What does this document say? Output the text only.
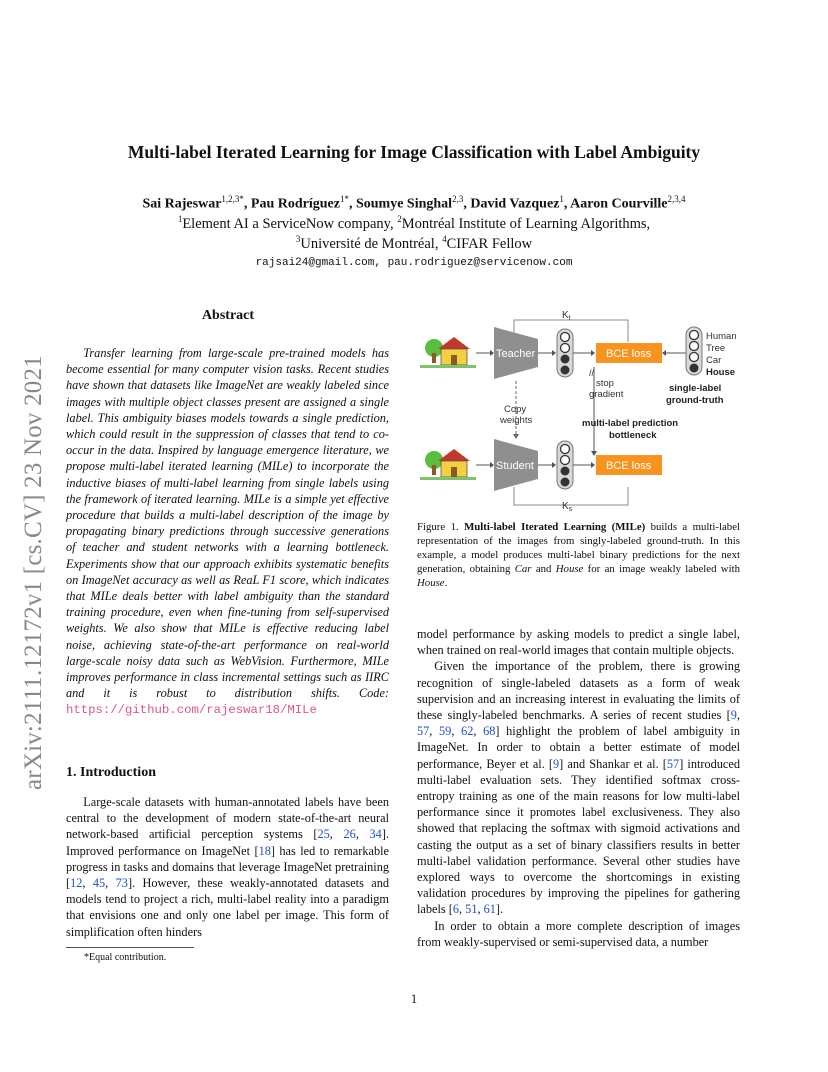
arXiv:2111.12172v1 [cs.CV] 23 Nov 2021
Multi-label Iterated Learning for Image Classification with Label Ambiguity
Sai Rajeswar$^{1,2,3*}$, Pau Rodríguez$^{1*}$, Soumye Singhal$^{2,3}$, David Vazquez$^1$, Aaron Courville$^{2,3,4}$
$^1$Element AI a ServiceNow company, $^2$Montréal Institute of Learning Algorithms,
$^3$Université de Montréal, $^4$CIFAR Fellow
rajsai24@gmail.com, pau.rodriguez@servicenow.com
Abstract

Transfer learning from large-scale pre-trained models has become essential for many computer vision tasks. Recent studies have shown that datasets like ImageNet are weakly labeled since images with multiple object classes present are assigned a single label. This ambiguity biases models towards a single prediction, which could result in the suppression of classes that tend to co-occur in the data. Inspired by language emergence literature, we propose multi-label iterated learning (MILe) to incorporate the inductive biases of multi-label learning from single labels using the framework of iterated learning. MILe is a simple yet effective procedure that builds a multi-label description of the image by propagating binary predictions through successive generations of teacher and student networks with a learning bottleneck. Experiments show that our approach exhibits systematic benefits on ImageNet accuracy as well as ReaL F1 score, which indicates that MILe deals better with label ambiguity than the standard training procedure, even when fine-tuning from self-supervised weights. We also show that MILe is effective reducing label noise, achieving state-of-the-art performance on real-world large-scale noisy data such as WebVision. Furthermore, MILe improves performance in class incremental settings such as IIRC and it is robust to distribution shifts. Code: https://github.com/rajeswar18/MILe

1. Introduction

Large-scale datasets with human-annotated labels have been central to the development of modern state-of-the-art neural network-based artificial perception systems [25, 26, 34]. Improved performance on ImageNet [18] has led to remarkable progress in tasks and domains that leverage ImageNet pretraining [12, 45, 73]. However, these weakly-annotated datasets and models tend to project a rich, multi-label reality into a paradigm that envisions one and only one label per image. This form of simplification often hinders

*Equal contribution.
$K_t$
$K_s$
Teacher
Student
Copy
weights
//
stop
gradient
BCE loss
BCE loss
multi-label prediction
bottleneck
Human
Tree
Car
House
single-label
ground-truth
Figure 1. Multi-label Iterated Learning (MILe) builds a multi-label representation of the images from singly-labeled ground-truth. In this example, a model produces multi-label binary predictions for the next generation, obtaining Car and House for an image weakly labeled with House.

model performance by asking models to predict a single label, when trained on real-world images that contain multiple objects.

Given the importance of the problem, there is growing recognition of single-labeled datasets as a form of weak supervision and an increasing interest in evaluating the limits of these singly-labeled benchmarks. A series of recent studies [9, 57, 59, 62, 68] highlight the problem of label ambiguity in ImageNet. In order to obtain a better estimate of model performance, Beyer et al. [9] and Shankar et al. [57] introduced multi-label evaluation sets. They identified softmax cross-entropy training as one of the main reasons for low multi-label performance since it promotes label exclusiveness. They also showed that replacing the softmax with sigmoid activations and casting the output as a set of binary classifiers results in better multi-label validation performance. Several other studies have explored ways to overcome the shortcomings in existing validation procedures by improving the pipelines for gathering labels [6, 51, 61].

In order to obtain a more complete description of images from weakly-supervised or semi-supervised data, a number

1
